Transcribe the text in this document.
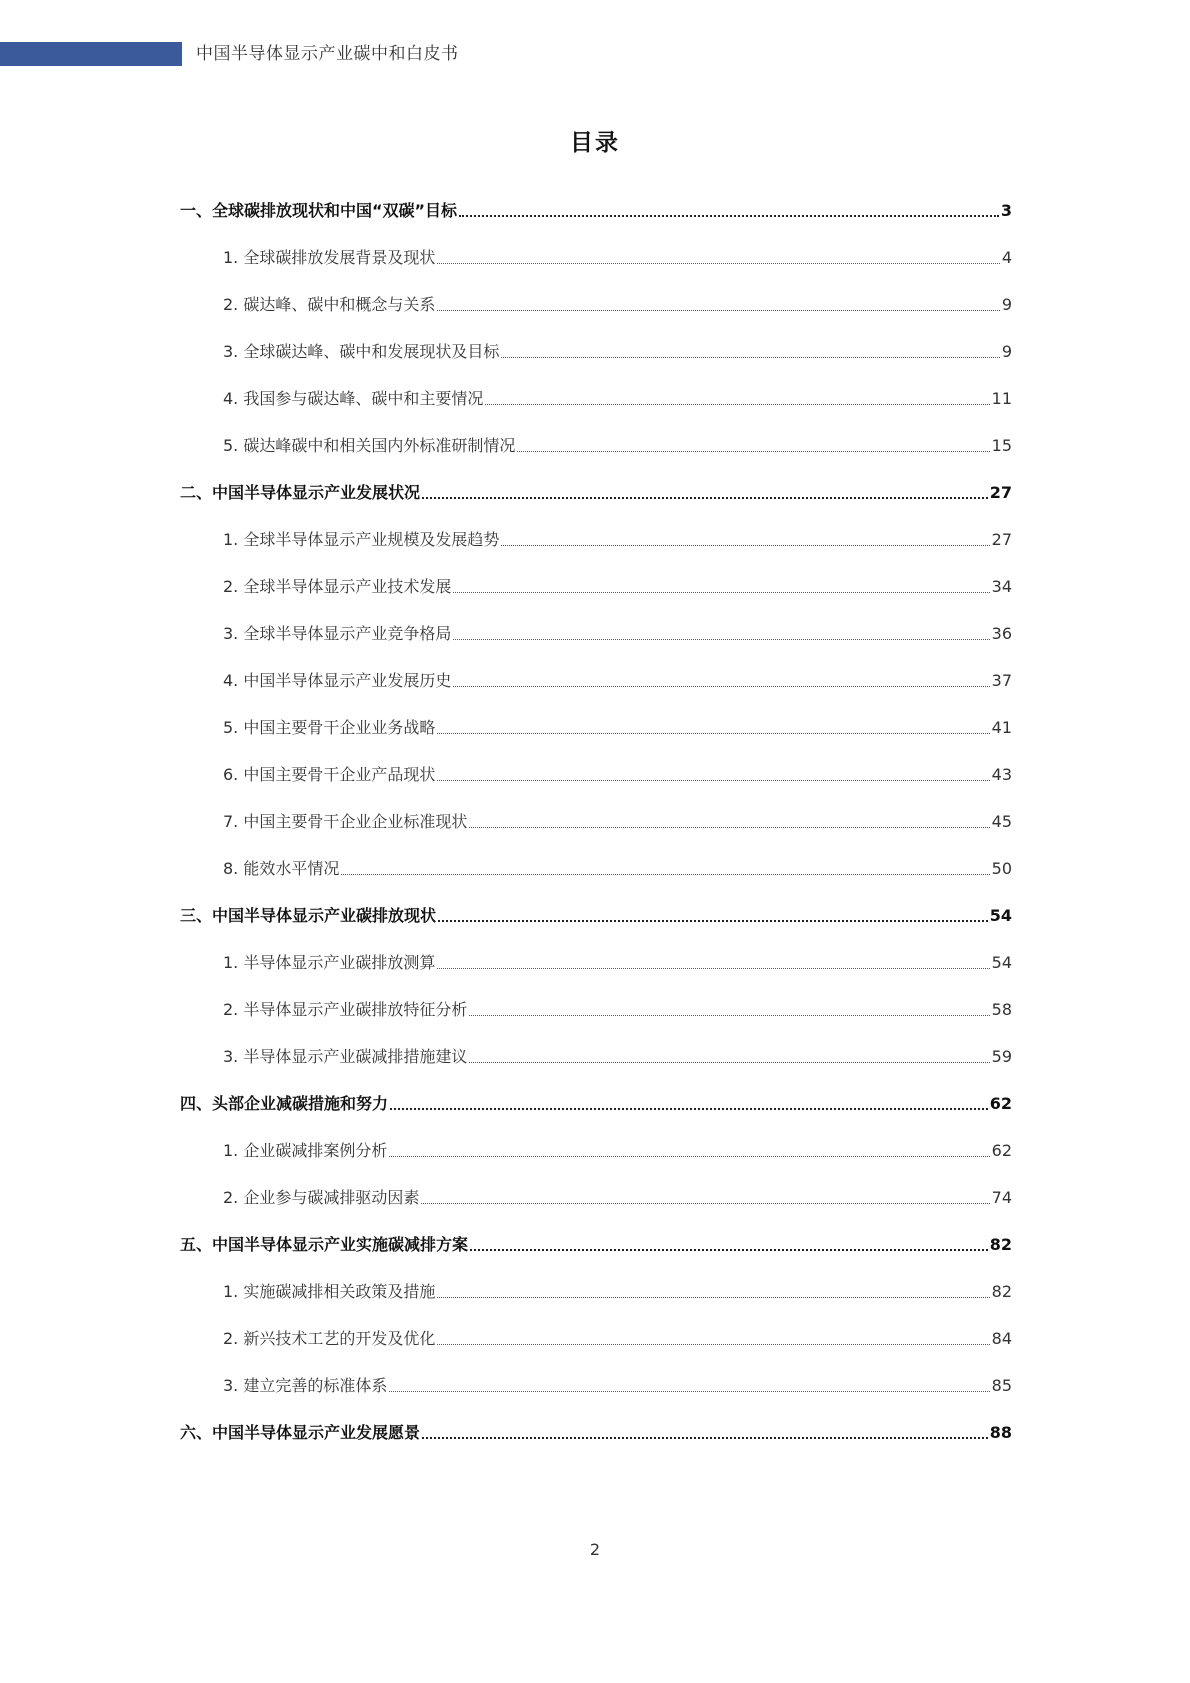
中国半导体显示产业碳中和白皮书
目录
一、全球碳排放现状和中国“双碳”目标	3
1. 全球碳排放发展背景及现状	4
2. 碳达峰、碳中和概念与关系	9
3. 全球碳达峰、碳中和发展现状及目标	9
4. 我国参与碳达峰、碳中和主要情况	11
5. 碳达峰碳中和相关国内外标准研制情况	15
二、中国半导体显示产业发展状况	27
1. 全球半导体显示产业规模及发展趋势	27
2. 全球半导体显示产业技术发展	34
3. 全球半导体显示产业竞争格局	36
4. 中国半导体显示产业发展历史	37
5. 中国主要骨干企业业务战略	41
6. 中国主要骨干企业产品现状	43
7. 中国主要骨干企业企业标准现状	45
8. 能效水平情况	50
三、中国半导体显示产业碳排放现状	54
1. 半导体显示产业碳排放测算	54
2. 半导体显示产业碳排放特征分析	58
3. 半导体显示产业碳减排措施建议	59
四、头部企业减碳措施和努力	62
1. 企业碳减排案例分析	62
2. 企业参与碳减排驱动因素	74
五、中国半导体显示产业实施碳减排方案	82
1. 实施碳减排相关政策及措施	82
2. 新兴技术工艺的开发及优化	84
3. 建立完善的标准体系	85
六、中国半导体显示产业发展愿景	88
2
